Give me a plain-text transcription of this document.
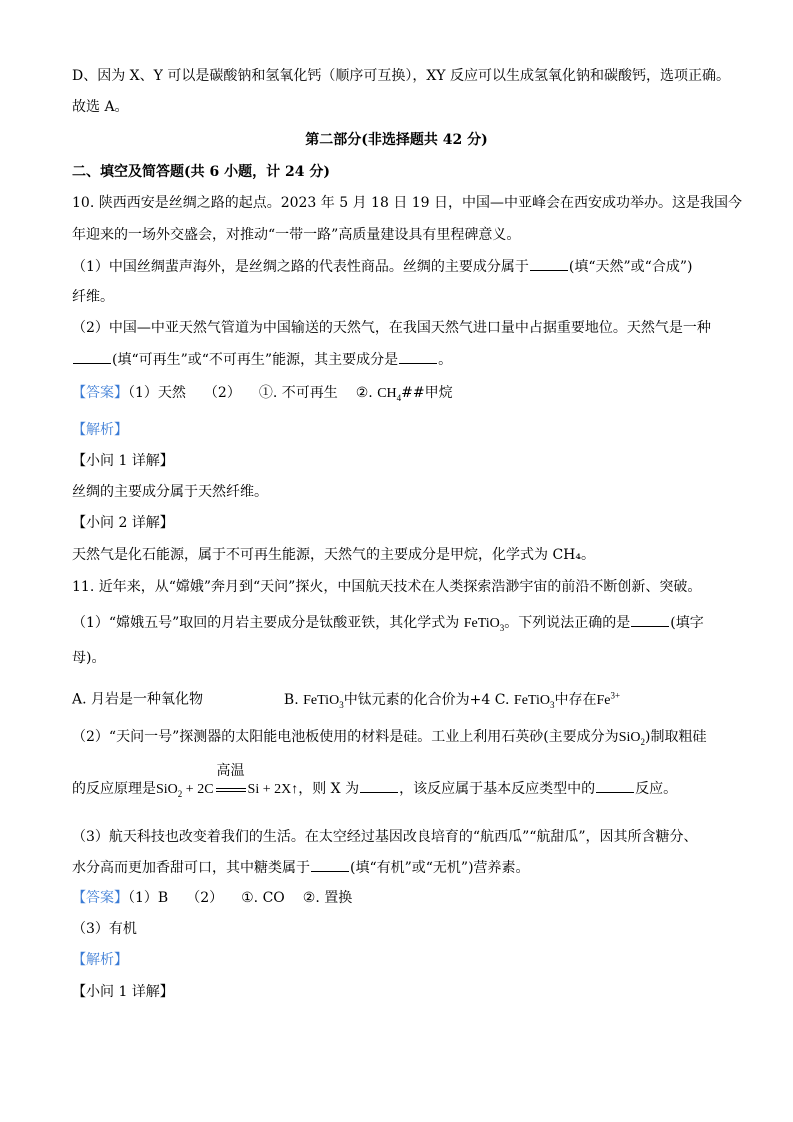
D、因为 X、Y 可以是碳酸钠和氢氧化钙（顺序可互换），XY 反应可以生成氢氧化钠和碳酸钙，选项正确。
故选 A。
第二部分(非选择题共 42 分)
二、填空及简答题(共 6 小题，计 24 分)
10. 陕西西安是丝绸之路的起点。2023 年 5 月 18 日 19 日，中国—中亚峰会在西安成功举办。这是我国今
年迎来的一场外交盛会，对推动“一带一路”高质量建设具有里程碑意义。
（1）中国丝绸蜚声海外，是丝绸之路的代表性商品。丝绸的主要成分属于	(填“天然”或“合成”)
纤维。
（2）中国—中亚天然气管道为中国输送的天然气，在我国天然气进口量中占据重要地位。天然气是一种
(填“可再生”或“不可再生”能源，其主要成分是	。
【答案】（1）天然 （2） ①. 不可再生 ②. $CH_4\#\#$甲烷
【解析】
【小问 1 详解】
丝绸的主要成分属于天然纤维。
【小问 2 详解】
天然气是化石能源，属于不可再生能源，天然气的主要成分是甲烷，化学式为 CH₄。
11. 近年来，从“嫦娥”奔月到“天问”探火，中国航天技术在人类探索浩渺宇宙的前沿不断创新、突破。
（1）“嫦娥五号”取回的月岩主要成分是钛酸亚铁，其化学式为 FeTiO$_3$。下列说法正确的是	(填字
母)。
A. 月岩是一种氧化物	B. FeTiO$_3$中钛元素的化合价为+4 C. FeTiO$_3$中存在$Fe^{3+}$
（2）“天问一号”探测器的太阳能电池板使用的材料是硅。工业上利用石英砂(主要成分为SiO$_2$)制取粗硅
的反应原理是SiO$_2$ + 2C
高温
Si + 2X↑，则 X 为	，该反应属于基本反应类型中的	反应。
（3）航天科技也改变着我们的生活。在太空经过基因改良培育的“航西瓜”“航甜瓜”，因其所含糖分、
水分高而更加香甜可口，其中糖类属于	(填“有机”或“无机”)营养素。
【答案】（1）B （2） ①. CO ②. 置换
（3）有机
【解析】
【小问 1 详解】
